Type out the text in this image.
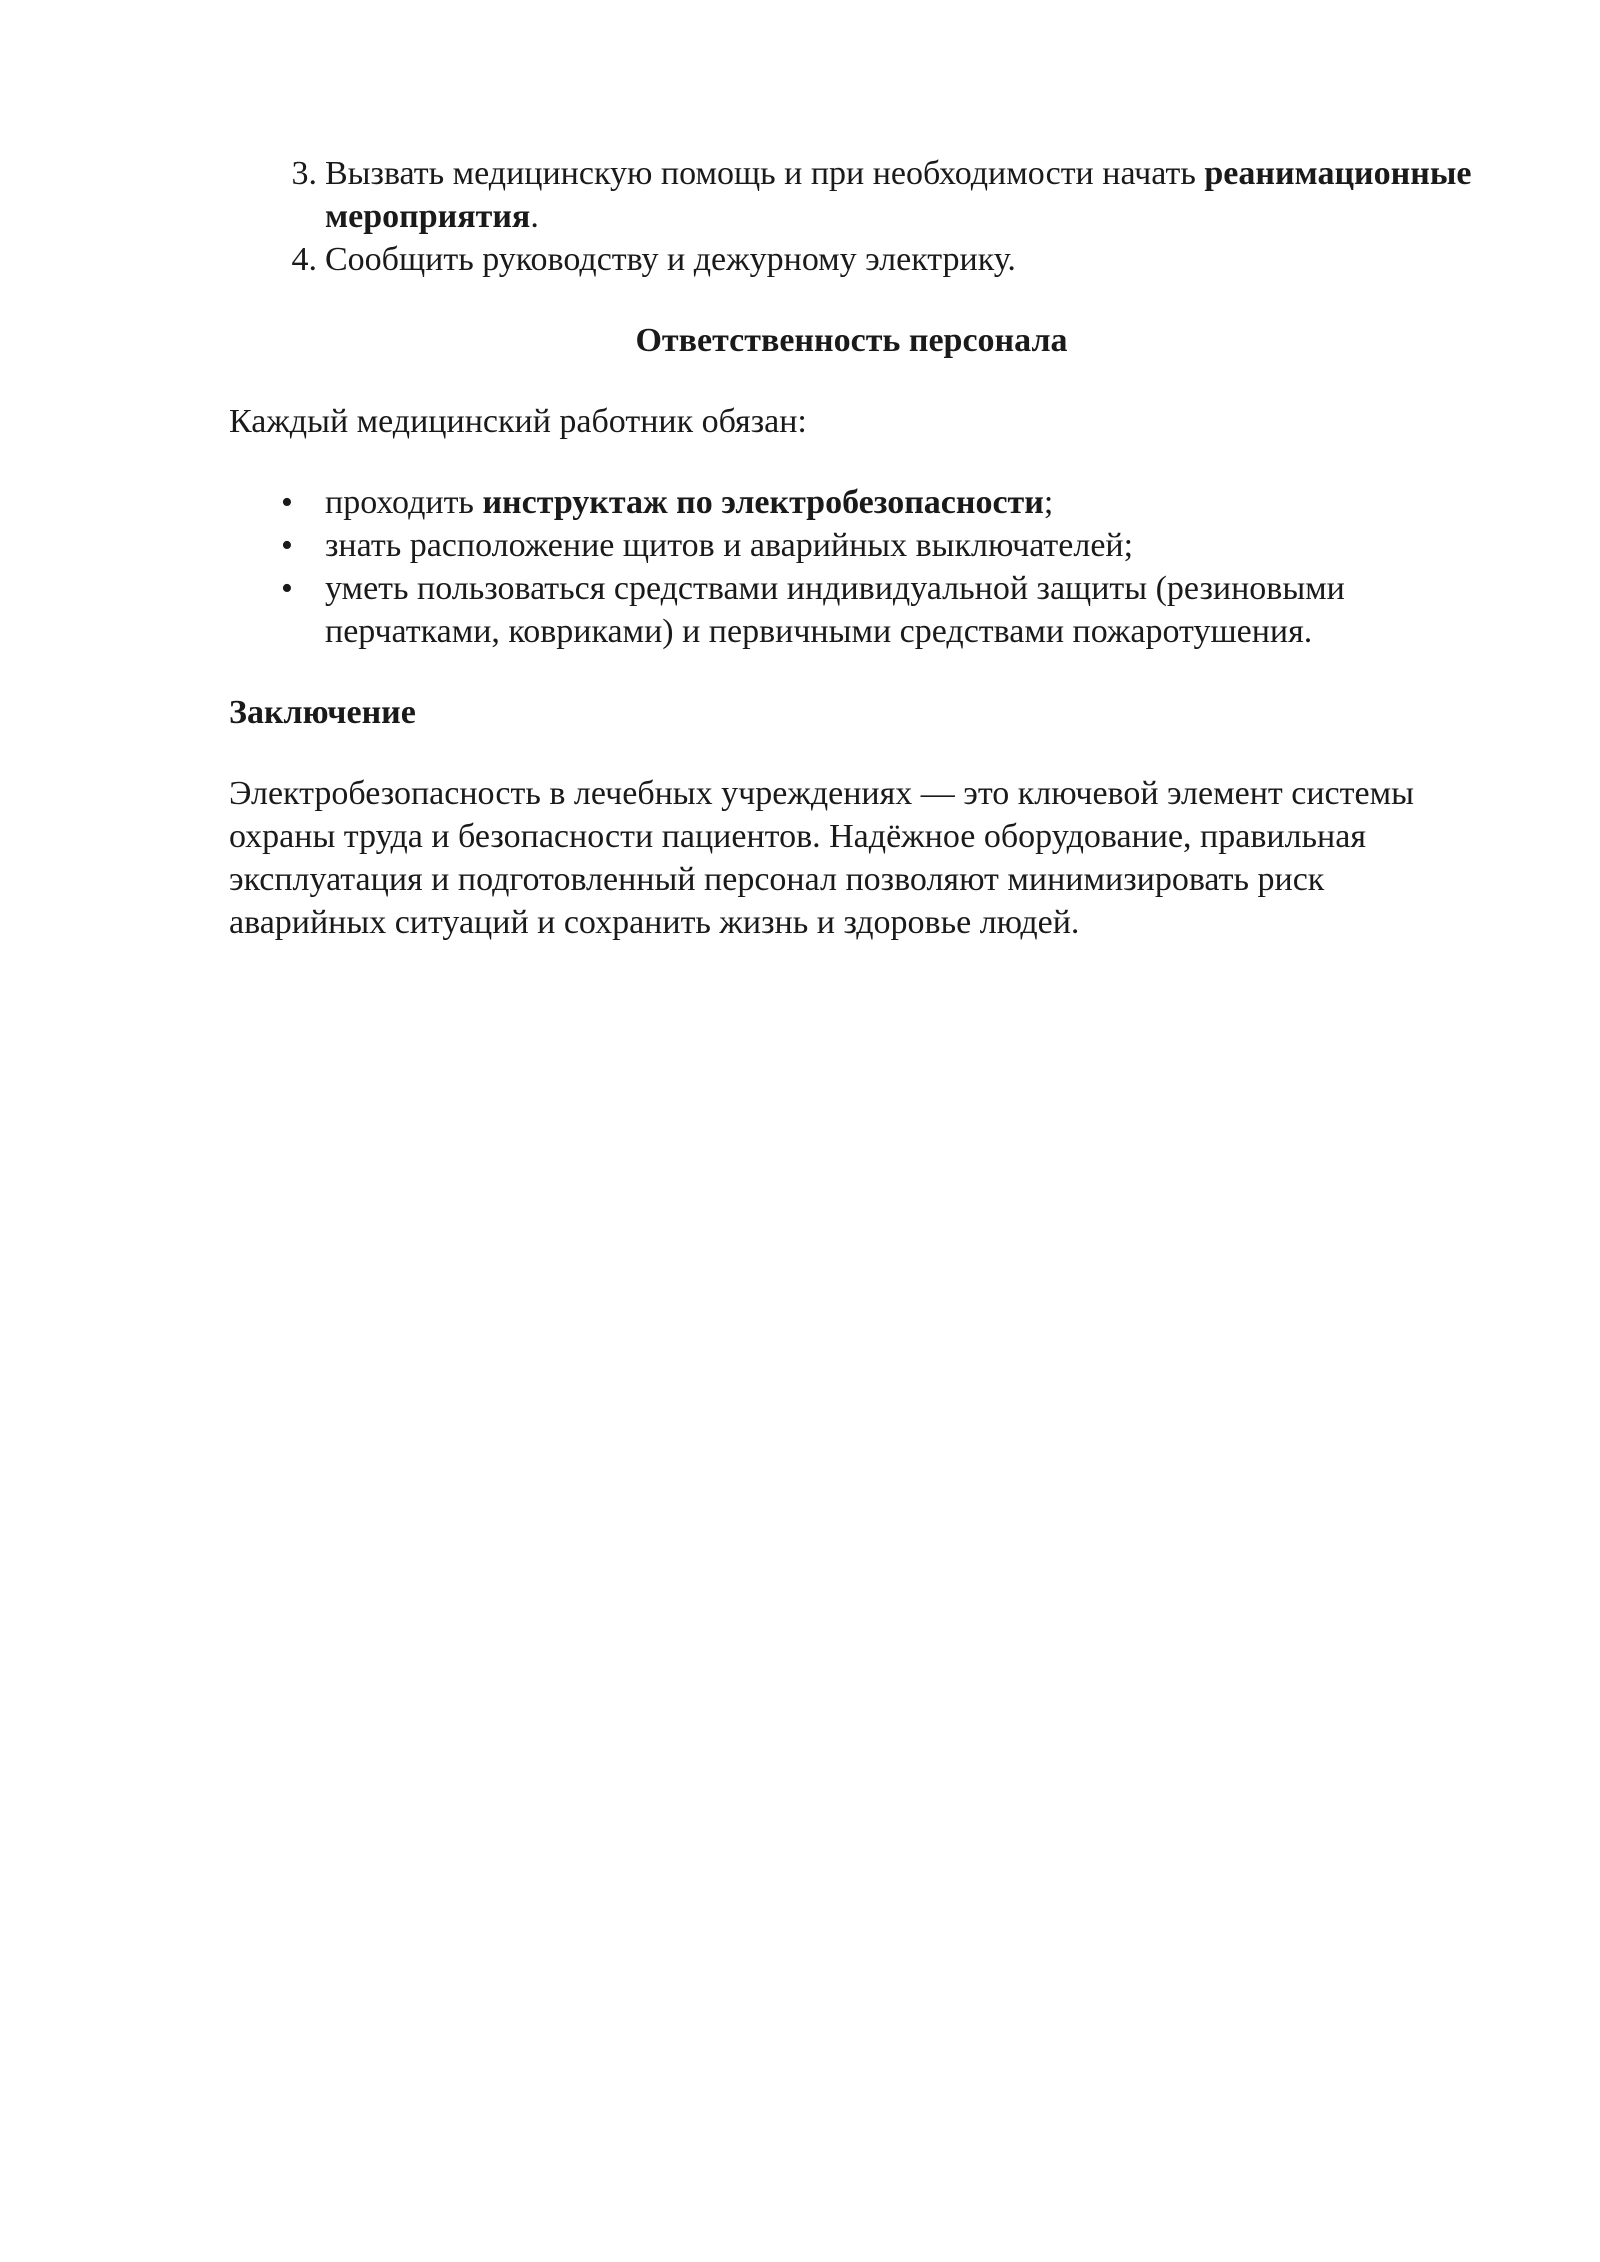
3. Вызвать медицинскую помощь и при необходимости начать реанимационные мероприятия.
4. Сообщить руководству и дежурному электрику.
Ответственность персонала

Каждый медицинский работник обязан:

• проходить инструктаж по электробезопасности;
• знать расположение щитов и аварийных выключателей;
• уметь пользоваться средствами индивидуальной защиты (резиновыми перчатками, ковриками) и первичными средствами пожаротушения.
Заключение

Электробезопасность в лечебных учреждениях — это ключевой элемент системы охраны труда и безопасности пациентов. Надёжное оборудование, правильная эксплуатация и подготовленный персонал позволяют минимизировать риск аварийных ситуаций и сохранить жизнь и здоровье людей.
